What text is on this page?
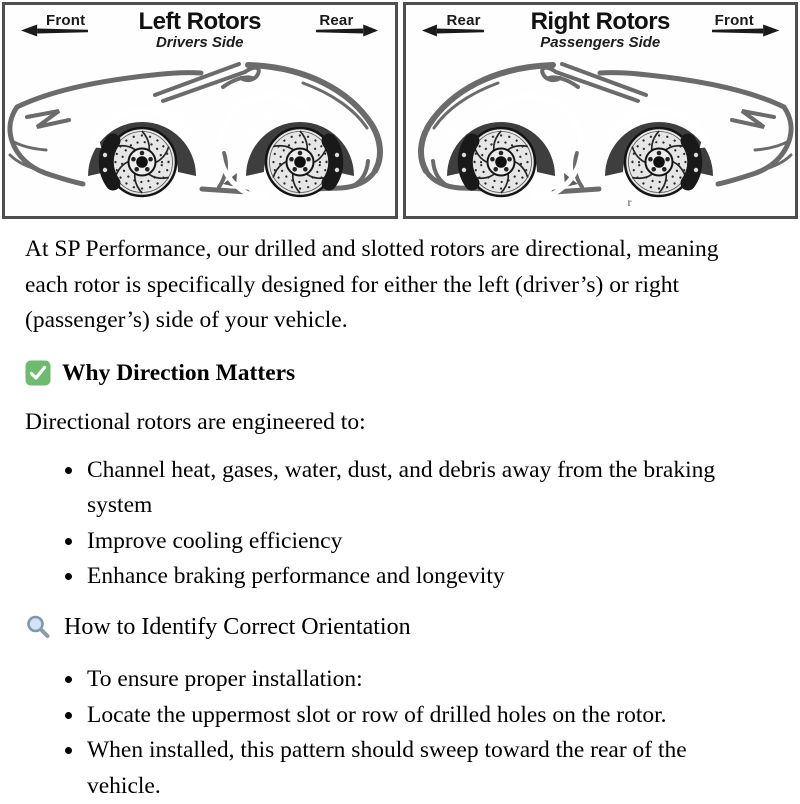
Front	Left Rotors
Drivers Side
Rear
Rotation	Rotation
Rear	Right Rotors
Passengers Side
Front
Rotation
Rotation
r

At SP Performance, our drilled and slotted rotors are directional, meaning each rotor is specifically designed for either the left (driver’s) or right (passenger’s) side of your vehicle.

Why Direction Matters

Directional rotors are engineered to:

• Channel heat, gases, water, dust, and debris away from the braking system
• Improve cooling efficiency
• Enhance braking performance and longevity
How to Identify Correct Orientation
• To ensure proper installation:
• Locate the uppermost slot or row of drilled holes on the rotor.
• When installed, this pattern should sweep toward the rear of the vehicle.
